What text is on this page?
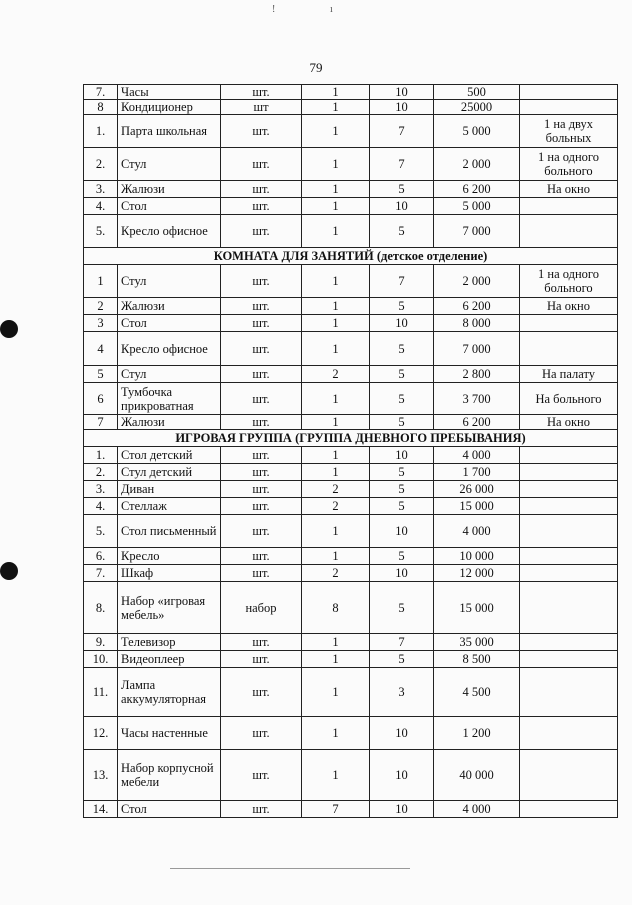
!	ı
79
7.	Часы	шт.	1	10	500	
8	Кондиционер	шт	1	10	25000	
1.	Парта школьная	шт.	1	7	5 000	1 на двух больных
2.	Стул	шт.	1	7	2 000	1 на одного больного
3.	Жалюзи	шт.	1	5	6 200	На окно
4.	Стол	шт.	1	10	5 000	
5.	Кресло офисное	шт.	1	5	7 000	
КОМНАТА ДЛЯ ЗАНЯТИЙ (детское отделение)						
1	Стул	шт.	1	7	2 000	1 на одного больного
2	Жалюзи	шт.	1	5	6 200	На окно
3	Стол	шт.	1	10	8 000	
4	Кресло офисное	шт.	1	5	7 000	
5	Стул	шт.	2	5	2 800	На палату
6	Тумбочка прикроватная	шт.	1	5	3 700	На больного
7	Жалюзи	шт.	1	5	6 200	На окно
ИГРОВАЯ ГРУППА (ГРУППА ДНЕВНОГО ПРЕБЫВАНИЯ)						
1.	Стол детский	шт.	1	10	4 000	
2.	Стул детский	шт.	1	5	1 700	
3.	Диван	шт.	2	5	26 000	
4.	Стеллаж	шт.	2	5	15 000	
5.	Стол письменный	шт.	1	10	4 000	
6.	Кресло	шт.	1	5	10 000	
7.	Шкаф	шт.	2	10	12 000	
8.	Набор «игровая мебель»	набор	8	5	15 000	
9.	Телевизор	шт.	1	7	35 000	
10.	Видеоплеер	шт.	1	5	8 500	
11.	Лампа аккумуляторная	шт.	1	3	4 500	
12.	Часы настенные	шт.	1	10	1 200	
13.	Набор корпусной мебели	шт.	1	10	40 000	
14.	Стол	шт.	7	10	4 000	
